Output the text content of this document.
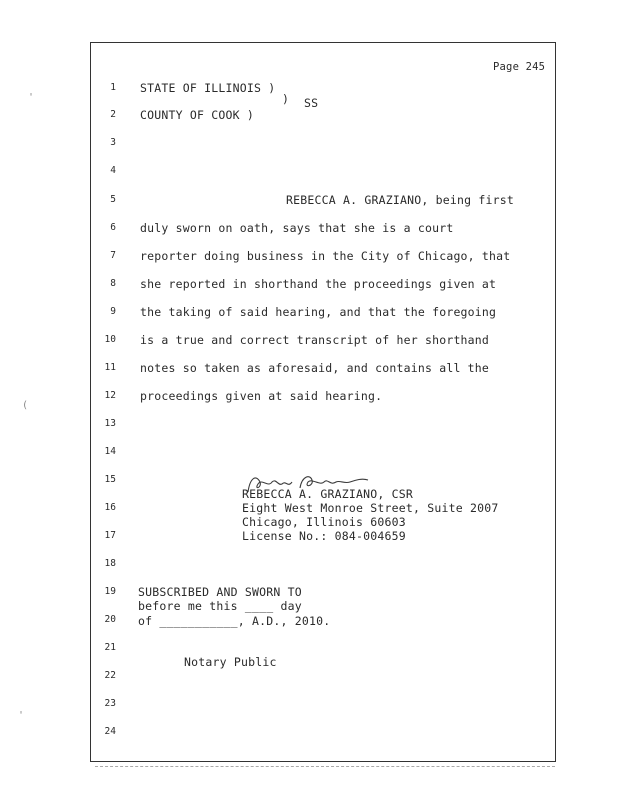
Page 245
1
2
3
4
5
6
7
8
9
10
11
12
13
14
15
16
17
18
19
20
21
22
23
24
STATE OF ILLINOIS )
) SS
COUNTY OF COOK )
REBECCA A. GRAZIANO, being first
duly sworn on oath, says that she is a court
reporter doing business in the City of Chicago, that
she reported in shorthand the proceedings given at
the taking of said hearing, and that the foregoing
is a true and correct transcript of her shorthand
notes so taken as aforesaid, and contains all the
proceedings given at said hearing.
REBECCA A. GRAZIANO, CSR
Eight West Monroe Street, Suite 2007
Chicago, Illinois 60603
License No.: 084-004659
SUBSCRIBED AND SWORN TO
before me this ____ day
of ___________, A.D., 2010.
Notary Public
'
(
'
